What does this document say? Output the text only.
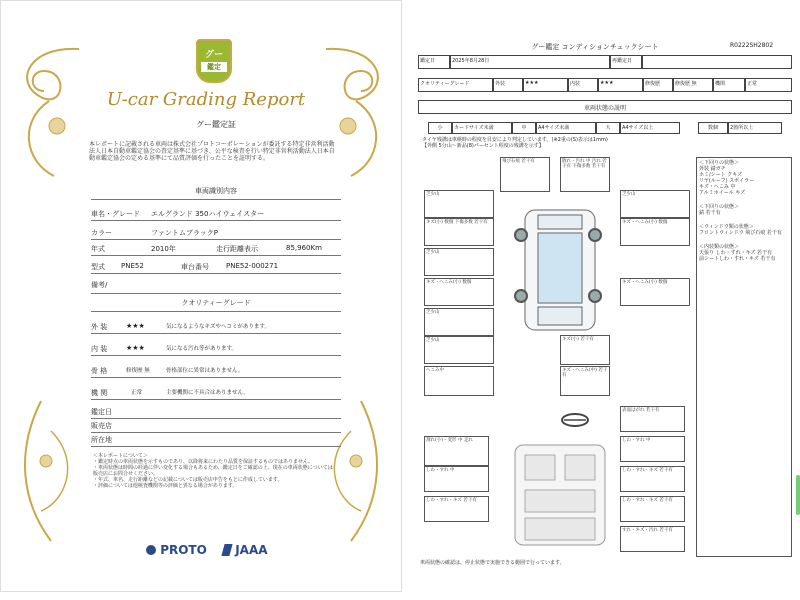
グー
鑑定
U-car Grading Report
グー鑑定証
本レポートに記載される車両は株式会社プロトコーポレーションが委託する特定非営利活動法人日本自動車鑑定協会の査定基準に基づき、公平な検査を行い特定非営利活動法人日本自動車鑑定協会の定める基準にて品質評価を行ったことを証明する。
車両識別内容
車名・グレード エルグランド 350ハイウェイスター
カラー	ファントムブラックP
年式	2010年	走行距離表示	85,960Km
型式 PNE52	車台番号 PNE52-000271
備考/
クオリティーグレード
外 装	★★★	気になるようなキズやヘコミがあります。
内 装	★★★	気になる汚れ等があります。
骨 格	修復歴 無	骨格部位に異常はありません。
機 関	正常	主要機関に不具合はありません。
鑑定日
販売店
所在地
＜本レポートについて＞
・鑑定時点の車両状態を示すものであり、以降将来にわたり品質を保証するものではありません。
・車両状態は時間の経過に伴い変化する場合もあるため、鑑定日をご確認の上、現在の車両状態については販売店にお問合せください。
・年式、車名、走行距離などの記載については販売店申告をもとに作成しています。
・評価については他検査機関等の評価と異なる場合があります。
PROTO	JAAA
グー鑑定 コンディションチェックシート	R0222SH2802
鑑定日	2025年8月28日	再鑑定日
クオリティーグレード	外装	★★★	内装	★★★	修復歴	修復歴 無	機関	正常
車両状態の説明
小	カードサイズ未満	中	A4サイズ未満	大	A4サイズ以上	数個	2箇所以上
タイヤ残溝は車検時の程度を目安により判定しています。(※2重の(S)表示は1mm)
【外側 5分山〜新品(8)パーセント程度の残溝を示す】
飛び石痕 若干有	散れ・汚れ 中 汚れ 若干有 下傷多数 若干有
乏少山
キズ(小) 数個 下傷多数 若干有	キズ・へこみ(小) 数個
キズ・へこみ(小) 数個
乏少山
キズ(小) 若干有
キズ・へこみ(小) 数個
へこみ中	キズ・へこみ(中) 若干有
乏少山
乏少山
乏少山
表面はがれ 若干有
しわ・すれ 中
しわ・すれ・キズ 若干有
しわ・すれ・キズ 若干有
すれ・キズ・汚れ 若干有
割れ(小)・変形 中 走れ
しわ・すれ・キズ 若干有
しわ・すれ 中
＜下回りの状態＞
外装 錆ガチ
ホミ/シート クキズ
リヤ(ルーフ) スポイラー
キズ・へこみ 中
アルミホイール キズ
＜下回りの状態＞
錆 若干有
＜ウィンドウ類の状態＞
フロントウィンドウ 飛び石痕 若干有
＜内装類の状態＞
天張り しわ・すれ・キズ 若干有
前シートしわ・すれ・キズ 若干有
車両状態の確認は、停止状態で実施できる範囲で行っています。
